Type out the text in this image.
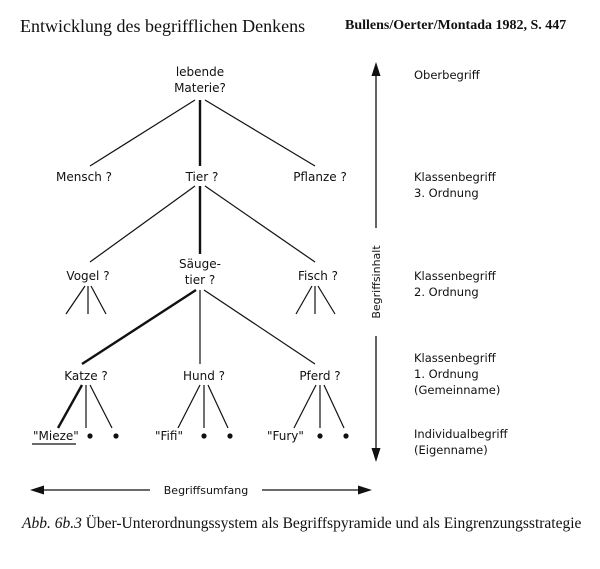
Entwicklung des begrifflichen Denkens	Bullens/Oerter/Montada 1982, S. 447
lebende
Materie?
Mensch ?	Tier ?	Pflanze ?
Vogel ?
Säuge-
tier ?	Fisch ?
Katze ?	Hund ?	Pferd ?
"Mieze"	"Fifi"	"Fury"
Begriffsinhalt
Begriffsumfang
Oberbegriff
Klassenbegriff
3. Ordnung
Klassenbegriff
2. Ordnung
Klassenbegriff
1. Ordnung
(Gemeinname)
Individualbegriff
(Eigenname)
Abb. 6b.3 Über-Unterordnungssystem als Begriffspyramide und als Eingrenzungsstrategie
